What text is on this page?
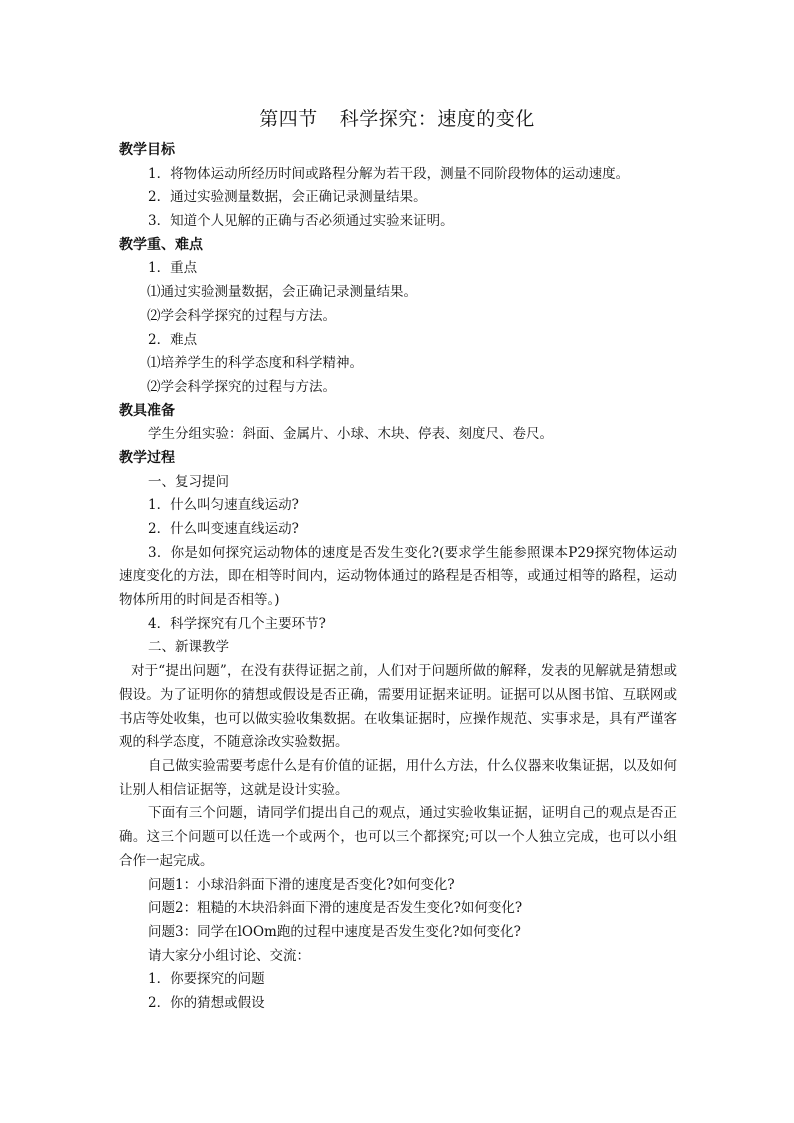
第四节 科学探究：速度的变化
教学目标
1．将物体运动所经历时间或路程分解为若干段，测量不同阶段物体的运动速度。
2．通过实验测量数据，会正确记录测量结果。
3．知道个人见解的正确与否必须通过实验来证明。
教学重、难点
1．重点
⑴通过实验测量数据，会正确记录测量结果。
⑵学会科学探究的过程与方法。
2．难点
⑴培养学生的科学态度和科学精神。
⑵学会科学探究的过程与方法。
教具准备
学生分组实验：斜面、金属片、小球、木块、停表、刻度尺、卷尺。
教学过程
一、复习提问
1．什么叫匀速直线运动?
2．什么叫变速直线运动?
3．你是如何探究运动物体的速度是否发生变化?(要求学生能参照课本P29探究物体运动速度变化的方法，即在相等时间内，运动物体通过的路程是否相等，或通过相等的路程，运动物体所用的时间是否相等。)
4．科学探究有几个主要环节?
二、新课教学
对于“提出问题”，在没有获得证据之前，人们对于问题所做的解释，发表的见解就是猜想或假设。为了证明你的猜想或假设是否正确，需要用证据来证明。证据可以从图书馆、互联网或书店等处收集，也可以做实验收集数据。在收集证据时，应操作规范、实事求是，具有严谨客观的科学态度，不随意涂改实验数据。
自己做实验需要考虑什么是有价值的证据，用什么方法，什么仪器来收集证据，以及如何让别人相信证据等，这就是设计实验。
下面有三个问题，请同学们提出自己的观点，通过实验收集证据，证明自己的观点是否正确。这三个问题可以任选一个或两个，也可以三个都探究;可以一个人独立完成，也可以小组合作一起完成。
问题1：小球沿斜面下滑的速度是否变化?如何变化?
问题2：粗糙的木块沿斜面下滑的速度是否发生变化?如何变化?
问题3：同学在lOOm跑的过程中速度是否发生变化?如何变化?
请大家分小组讨论、交流：
1．你要探究的问题
2．你的猜想或假设
